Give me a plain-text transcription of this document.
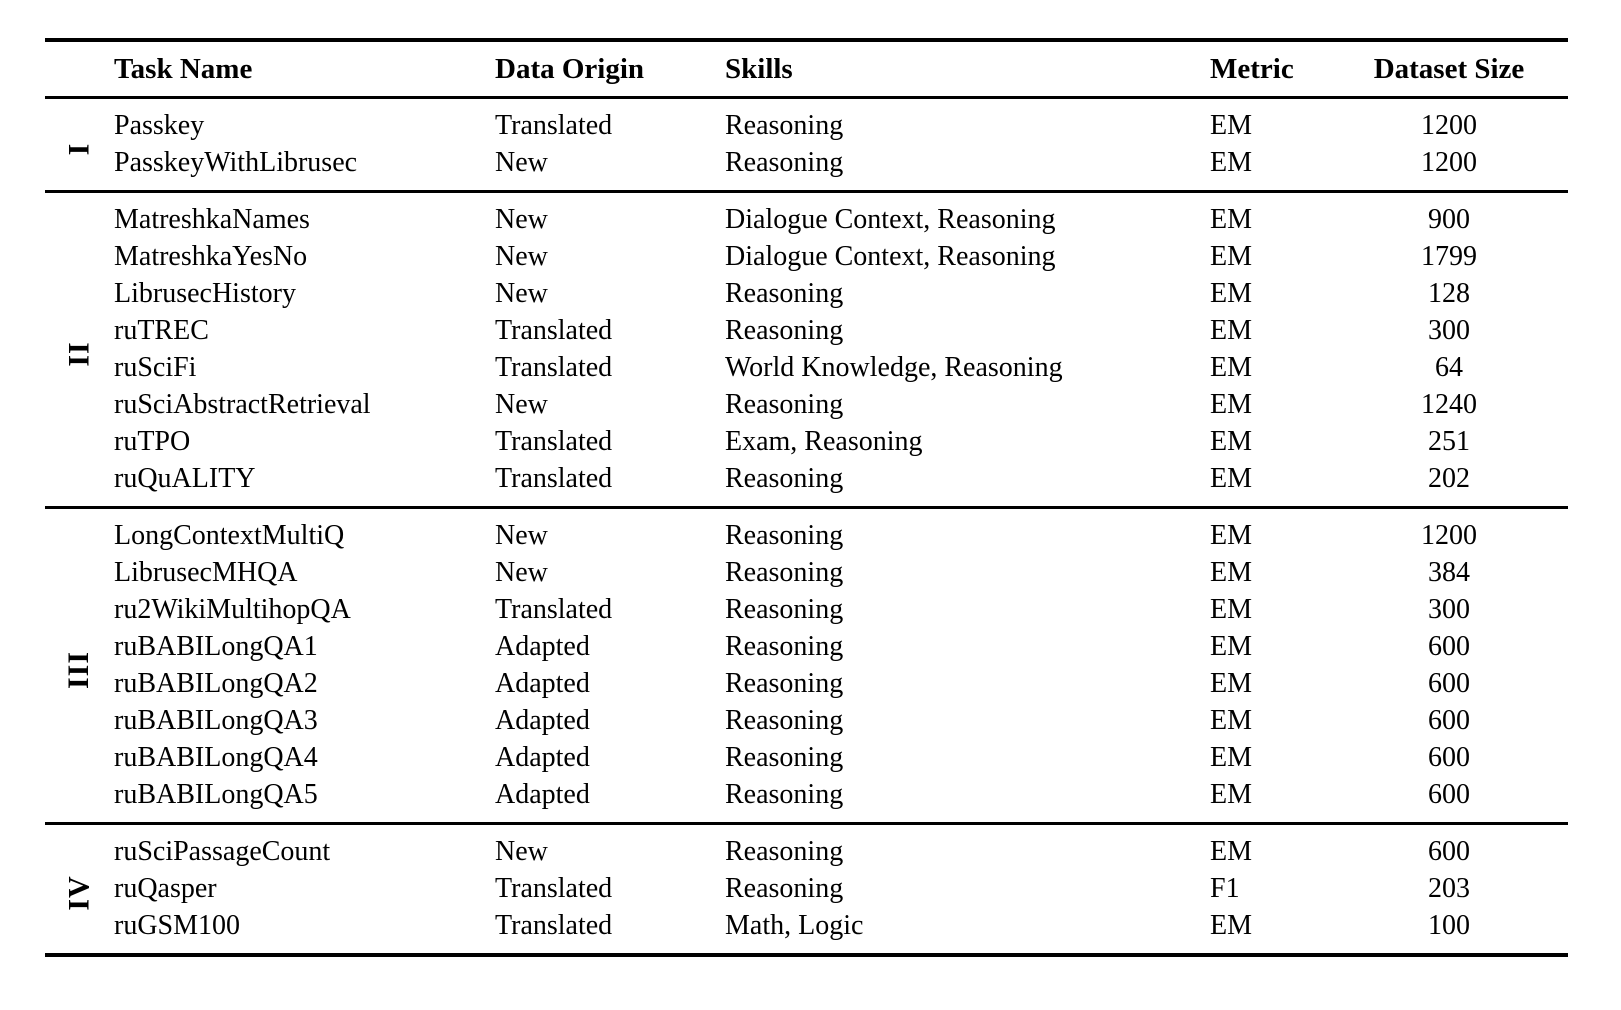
	Task Name	Data Origin	Skills	Metric	Dataset Size
I	Passkey	Translated	Reasoning	EM	1200
	PasskeyWithLibrusec	New	Reasoning	EM	1200
II	MatreshkaNames	New	Dialogue Context, Reasoning	EM	900
	MatreshkaYesNo	New	Dialogue Context, Reasoning	EM	1799
	LibrusecHistory	New	Reasoning	EM	128
	ruTREC	Translated	Reasoning	EM	300
	ruSciFi	Translated	World Knowledge, Reasoning	EM	64
	ruSciAbstractRetrieval	New	Reasoning	EM	1240
	ruTPO	Translated	Exam, Reasoning	EM	251
	ruQuALITY	Translated	Reasoning	EM	202
III	LongContextMultiQ	New	Reasoning	EM	1200
	LibrusecMHQA	New	Reasoning	EM	384
	ru2WikiMultihopQA	Translated	Reasoning	EM	300
	ruBABILongQA1	Adapted	Reasoning	EM	600
	ruBABILongQA2	Adapted	Reasoning	EM	600
	ruBABILongQA3	Adapted	Reasoning	EM	600
	ruBABILongQA4	Adapted	Reasoning	EM	600
	ruBABILongQA5	Adapted	Reasoning	EM	600
IV	ruSciPassageCount	New	Reasoning	EM	600
	ruQasper	Translated	Reasoning	F1	203
	ruGSM100	Translated	Math, Logic	EM	100
